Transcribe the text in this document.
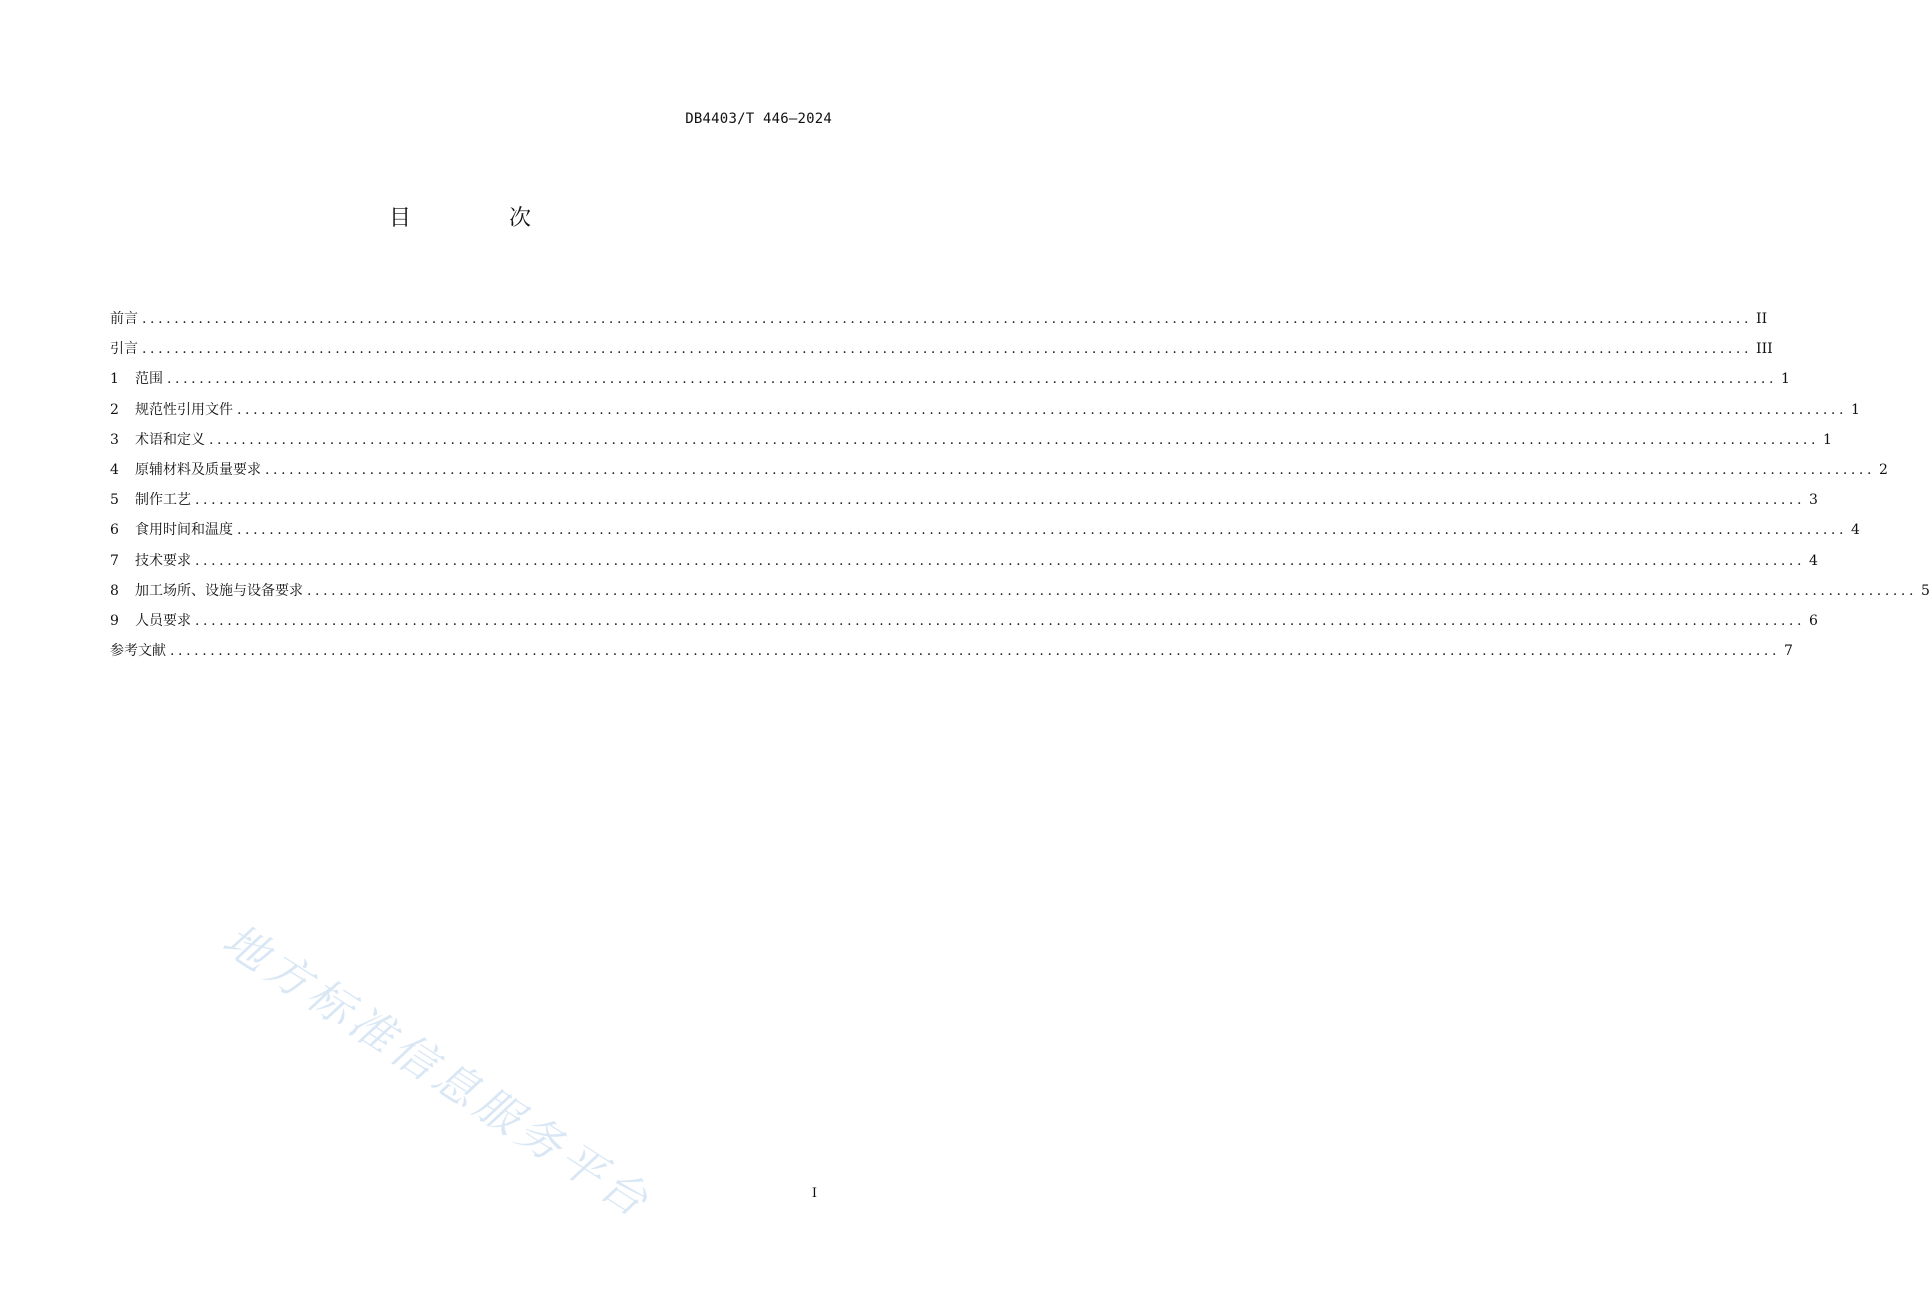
DB4403/T 446—2024
目　次
前言 ........................................................................................................................................................................................................ II
引言 ........................................................................................................................................................................................................ III
1	范围 ........................................................................................................................................................................................................ 1
2	规范性引用文件 ........................................................................................................................................................................................................ 1
3	术语和定义 ........................................................................................................................................................................................................ 1
4	原辅材料及质量要求 ........................................................................................................................................................................................................ 2
5	制作工艺 ........................................................................................................................................................................................................ 3
6	食用时间和温度 ........................................................................................................................................................................................................ 4
7	技术要求 ........................................................................................................................................................................................................ 4
8	加工场所、设施与设备要求 ........................................................................................................................................................................................................ 5
9	人员要求 ........................................................................................................................................................................................................ 6
参考文献 ........................................................................................................................................................................................................ 7
地方标准信息服务平台	I
